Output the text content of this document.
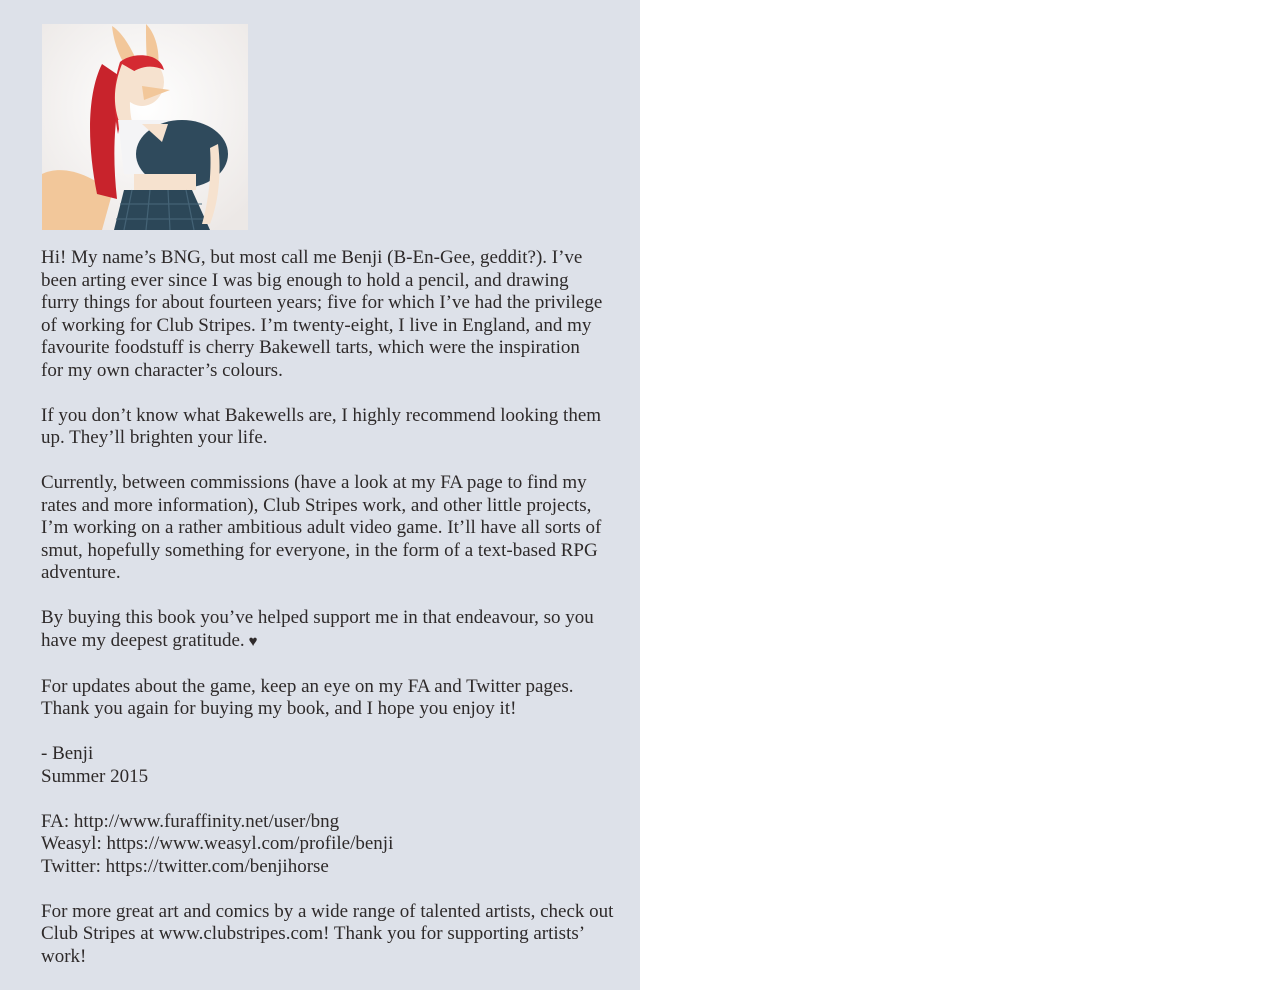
Hi! My name’s BNG, but most call me Benji (B-En-Gee, geddit?). I’ve
been arting ever since I was big enough to hold a pencil, and drawing
furry things for about fourteen years; five for which I’ve had the privilege
of working for Club Stripes. I’m twenty-eight, I live in England, and my
favourite foodstuff is cherry Bakewell tarts, which were the inspiration
for my own character’s colours.

If you don’t know what Bakewells are, I highly recommend looking them
up. They’ll brighten your life.

Currently, between commissions (have a look at my FA page to find my
rates and more information), Club Stripes work, and other little projects,
I’m working on a rather ambitious adult video game. It’ll have all sorts of
smut, hopefully something for everyone, in the form of a text-based RPG
adventure.

By buying this book you’ve helped support me in that endeavour, so you
have my deepest gratitude. ♥

For updates about the game, keep an eye on my FA and Twitter pages.
Thank you again for buying my book, and I hope you enjoy it!

- Benji
Summer 2015

FA: http://www.furaffinity.net/user/bng
Weasyl: https://www.weasyl.com/profile/benji
Twitter: https://twitter.com/benjihorse

For more great art and comics by a wide range of talented artists, check out
Club Stripes at www.clubstripes.com! Thank you for supporting artists’ work!
